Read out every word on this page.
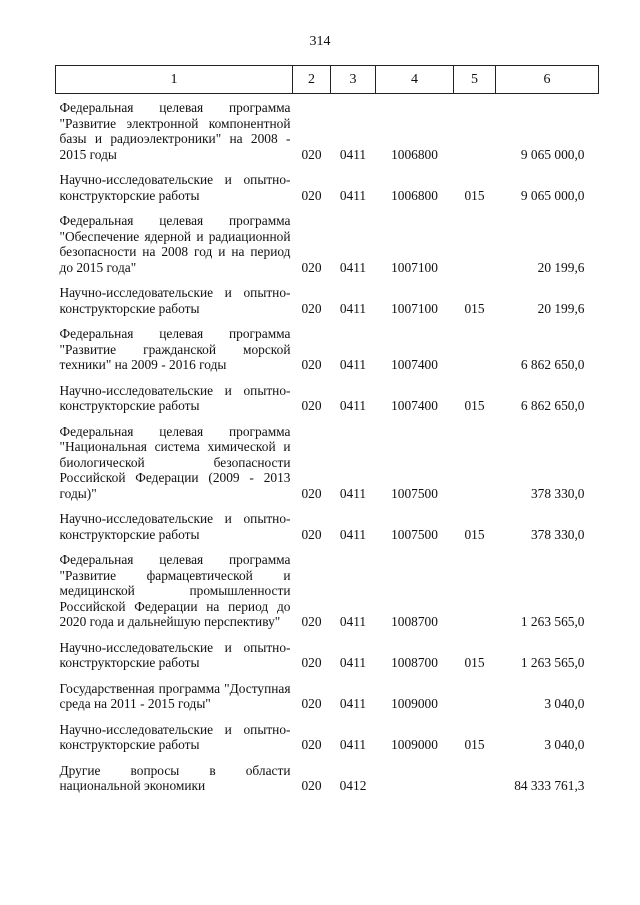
314
1	2	3	4	5	6
Федеральная целевая программа "Развитие электронной компонентной базы и радиоэлектроники" на 2008 - 2015 годы	020	0411	1006800		9 065 000,0
Научно-исследовательские и опытно-конструкторские работы	020	0411	1006800	015	9 065 000,0
Федеральная целевая программа "Обеспечение ядерной и радиационной безопасности на 2008 год и на период до 2015 года"	020	0411	1007100		20 199,6
Научно-исследовательские и опытно-конструкторские работы	020	0411	1007100	015	20 199,6
Федеральная целевая программа "Развитие гражданской морской техники" на 2009 - 2016 годы	020	0411	1007400		6 862 650,0
Научно-исследовательские и опытно-конструкторские работы	020	0411	1007400	015	6 862 650,0
Федеральная целевая программа "Национальная система химической и биологической безопасности Российской Федерации (2009 - 2013 годы)"	020	0411	1007500		378 330,0
Научно-исследовательские и опытно-конструкторские работы	020	0411	1007500	015	378 330,0
Федеральная целевая программа "Развитие фармацевтической и медицинской промышленности Российской Федерации на период до 2020 года и дальнейшую перспективу"	020	0411	1008700		1 263 565,0
Научно-исследовательские и опытно-конструкторские работы	020	0411	1008700	015	1 263 565,0
Государственная программа "Доступная среда на 2011 - 2015 годы"	020	0411	1009000		3 040,0
Научно-исследовательские и опытно-конструкторские работы	020	0411	1009000	015	3 040,0
Другие вопросы в области национальной экономики	020	0412			84 333 761,3
